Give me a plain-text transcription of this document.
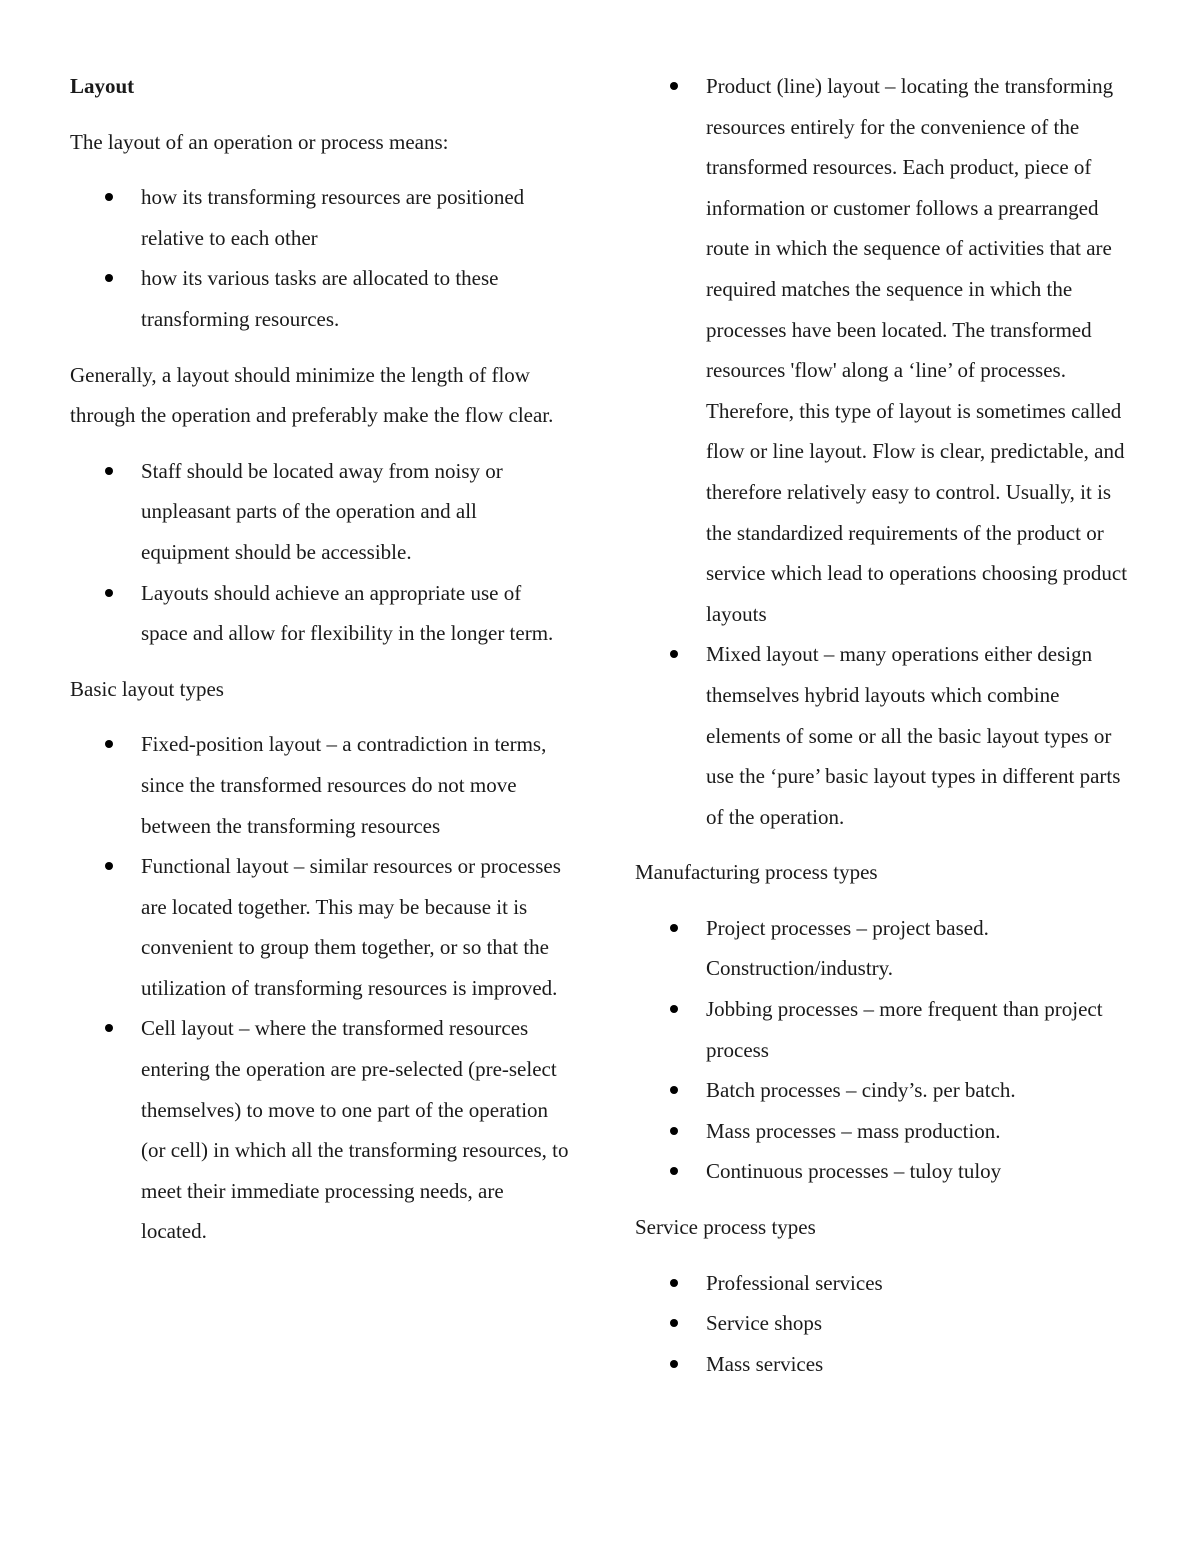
Layout

The layout of an operation or process means:

how its transforming resources are positioned relative to each other
how its various tasks are allocated to these transforming resources.

Generally, a layout should minimize the length of flow through the operation and preferably make the flow clear.

Staff should be located away from noisy or unpleasant parts of the operation and all equipment should be accessible.
Layouts should achieve an appropriate use of space and allow for flexibility in the longer term.

Basic layout types

Fixed-position layout – a contradiction in terms, since the transformed resources do not move between the transforming resources
Functional layout – similar resources or processes are located together. This may be because it is convenient to group them together, or so that the utilization of transforming resources is improved.
Cell layout – where the transformed resources entering the operation are pre-selected (pre-select themselves) to move to one part of the operation (or cell) in which all the transforming resources, to meet their immediate processing needs, are located.
Product (line) layout – locating the transforming resources entirely for the convenience of the transformed resources. Each product, piece of information or customer follows a prearranged route in which the sequence of activities that are required matches the sequence in which the processes have been located. The transformed resources 'flow' along a ‘line’ of processes. Therefore, this type of layout is sometimes called flow or line layout. Flow is clear, predictable, and therefore relatively easy to control. Usually, it is the standardized requirements of the product or service which lead to operations choosing product layouts
Mixed layout – many operations either design themselves hybrid layouts which combine elements of some or all the basic layout types or use the ‘pure’ basic layout types in different parts of the operation.

Manufacturing process types

Project processes – project based. Construction/industry.
Jobbing processes – more frequent than project process
Batch processes – cindy’s. per batch.
Mass processes – mass production.
Continuous processes – tuloy tuloy

Service process types

Professional services
Service shops
Mass services
